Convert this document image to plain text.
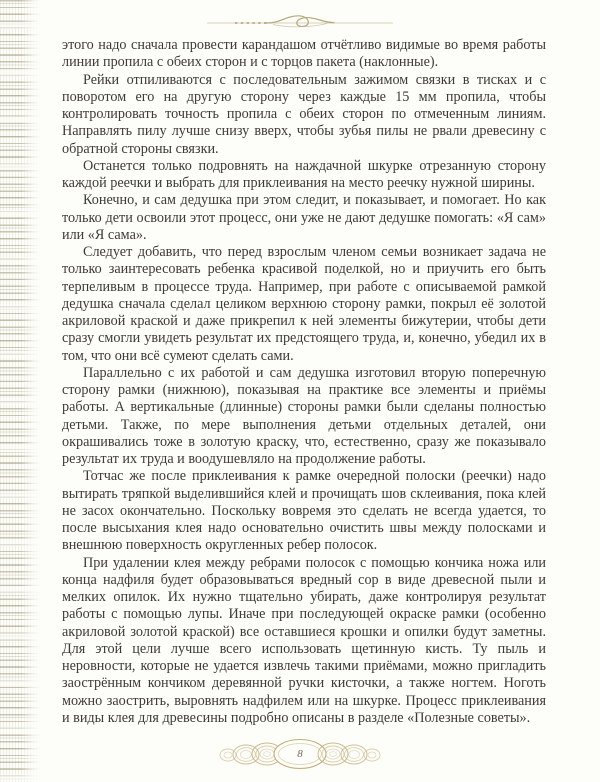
этого надо сначала провести карандашом отчётливо видимые во время работы линии пропила с обеих сторон и с торцов пакета (наклонные).

Рейки отпиливаются с последовательным зажимом связки в тисках и с поворотом его на другую сторону через каждые 15 мм пропила, чтобы контролировать точность пропила с обеих сторон по отмеченным линиям. Направлять пилу лучше снизу вверх, чтобы зубья пилы не рвали древесину с обратной стороны связки.

Останется только подровнять на наждачной шкурке отрезанную сторону каждой реечки и выбрать для приклеивания на место реечку нужной ширины.

Конечно, и сам дедушка при этом следит, и показывает, и помогает. Но как только дети освоили этот процесс, они уже не дают дедушке помогать: «Я сам» или «Я сама».

Следует добавить, что перед взрослым членом семьи возникает задача не только заинтересовать ребенка красивой поделкой, но и приучить его быть терпеливым в процессе труда. Например, при работе с описываемой рамкой дедушка сначала сделал целиком верхнюю сторону рамки, покрыл её золотой акриловой краской и даже прикрепил к ней элементы бижутерии, чтобы дети сразу смогли увидеть результат их предстоящего труда, и, конечно, убедил их в том, что они всё сумеют сделать сами.

Параллельно с их работой и сам дедушка изготовил вторую поперечную сторону рамки (нижнюю), показывая на практике все элементы и приёмы работы. А вертикальные (длинные) стороны рамки были сделаны полностью детьми. Также, по мере выполнения детьми отдельных деталей, они окрашивались тоже в золотую краску, что, естественно, сразу же показывало результат их труда и воодушевляло на продолжение работы.

Тотчас же после приклеивания к рамке очередной полоски (реечки) надо вытирать тряпкой выделившийся клей и прочищать шов склеивания, пока клей не засох окончательно. Поскольку вовремя это сделать не всегда удается, то после высыхания клея надо основательно очистить швы между полосками и внешнюю поверхность округленных ребер полосок.

При удалении клея между ребрами полосок с помощью кончика ножа или конца надфиля будет образовываться вредный сор в виде древесной пыли и мелких опилок. Их нужно тщательно убирать, даже контролируя результат работы с помощью лупы. Иначе при последующей окраске рамки (особенно акриловой золотой краской) все оставшиеся крошки и опилки будут заметны. Для этой цели лучше всего использовать щетинную кисть. Ту пыль и неровности, которые не удается извлечь такими приёмами, можно пригладить заострённым кончиком деревянной ручки кисточки, а также ногтем. Ноготь можно заострить, выровнять надфилем или на шкурке. Процесс приклеивания и виды клея для древесины подробно описаны в разделе «Полезные советы».

8
